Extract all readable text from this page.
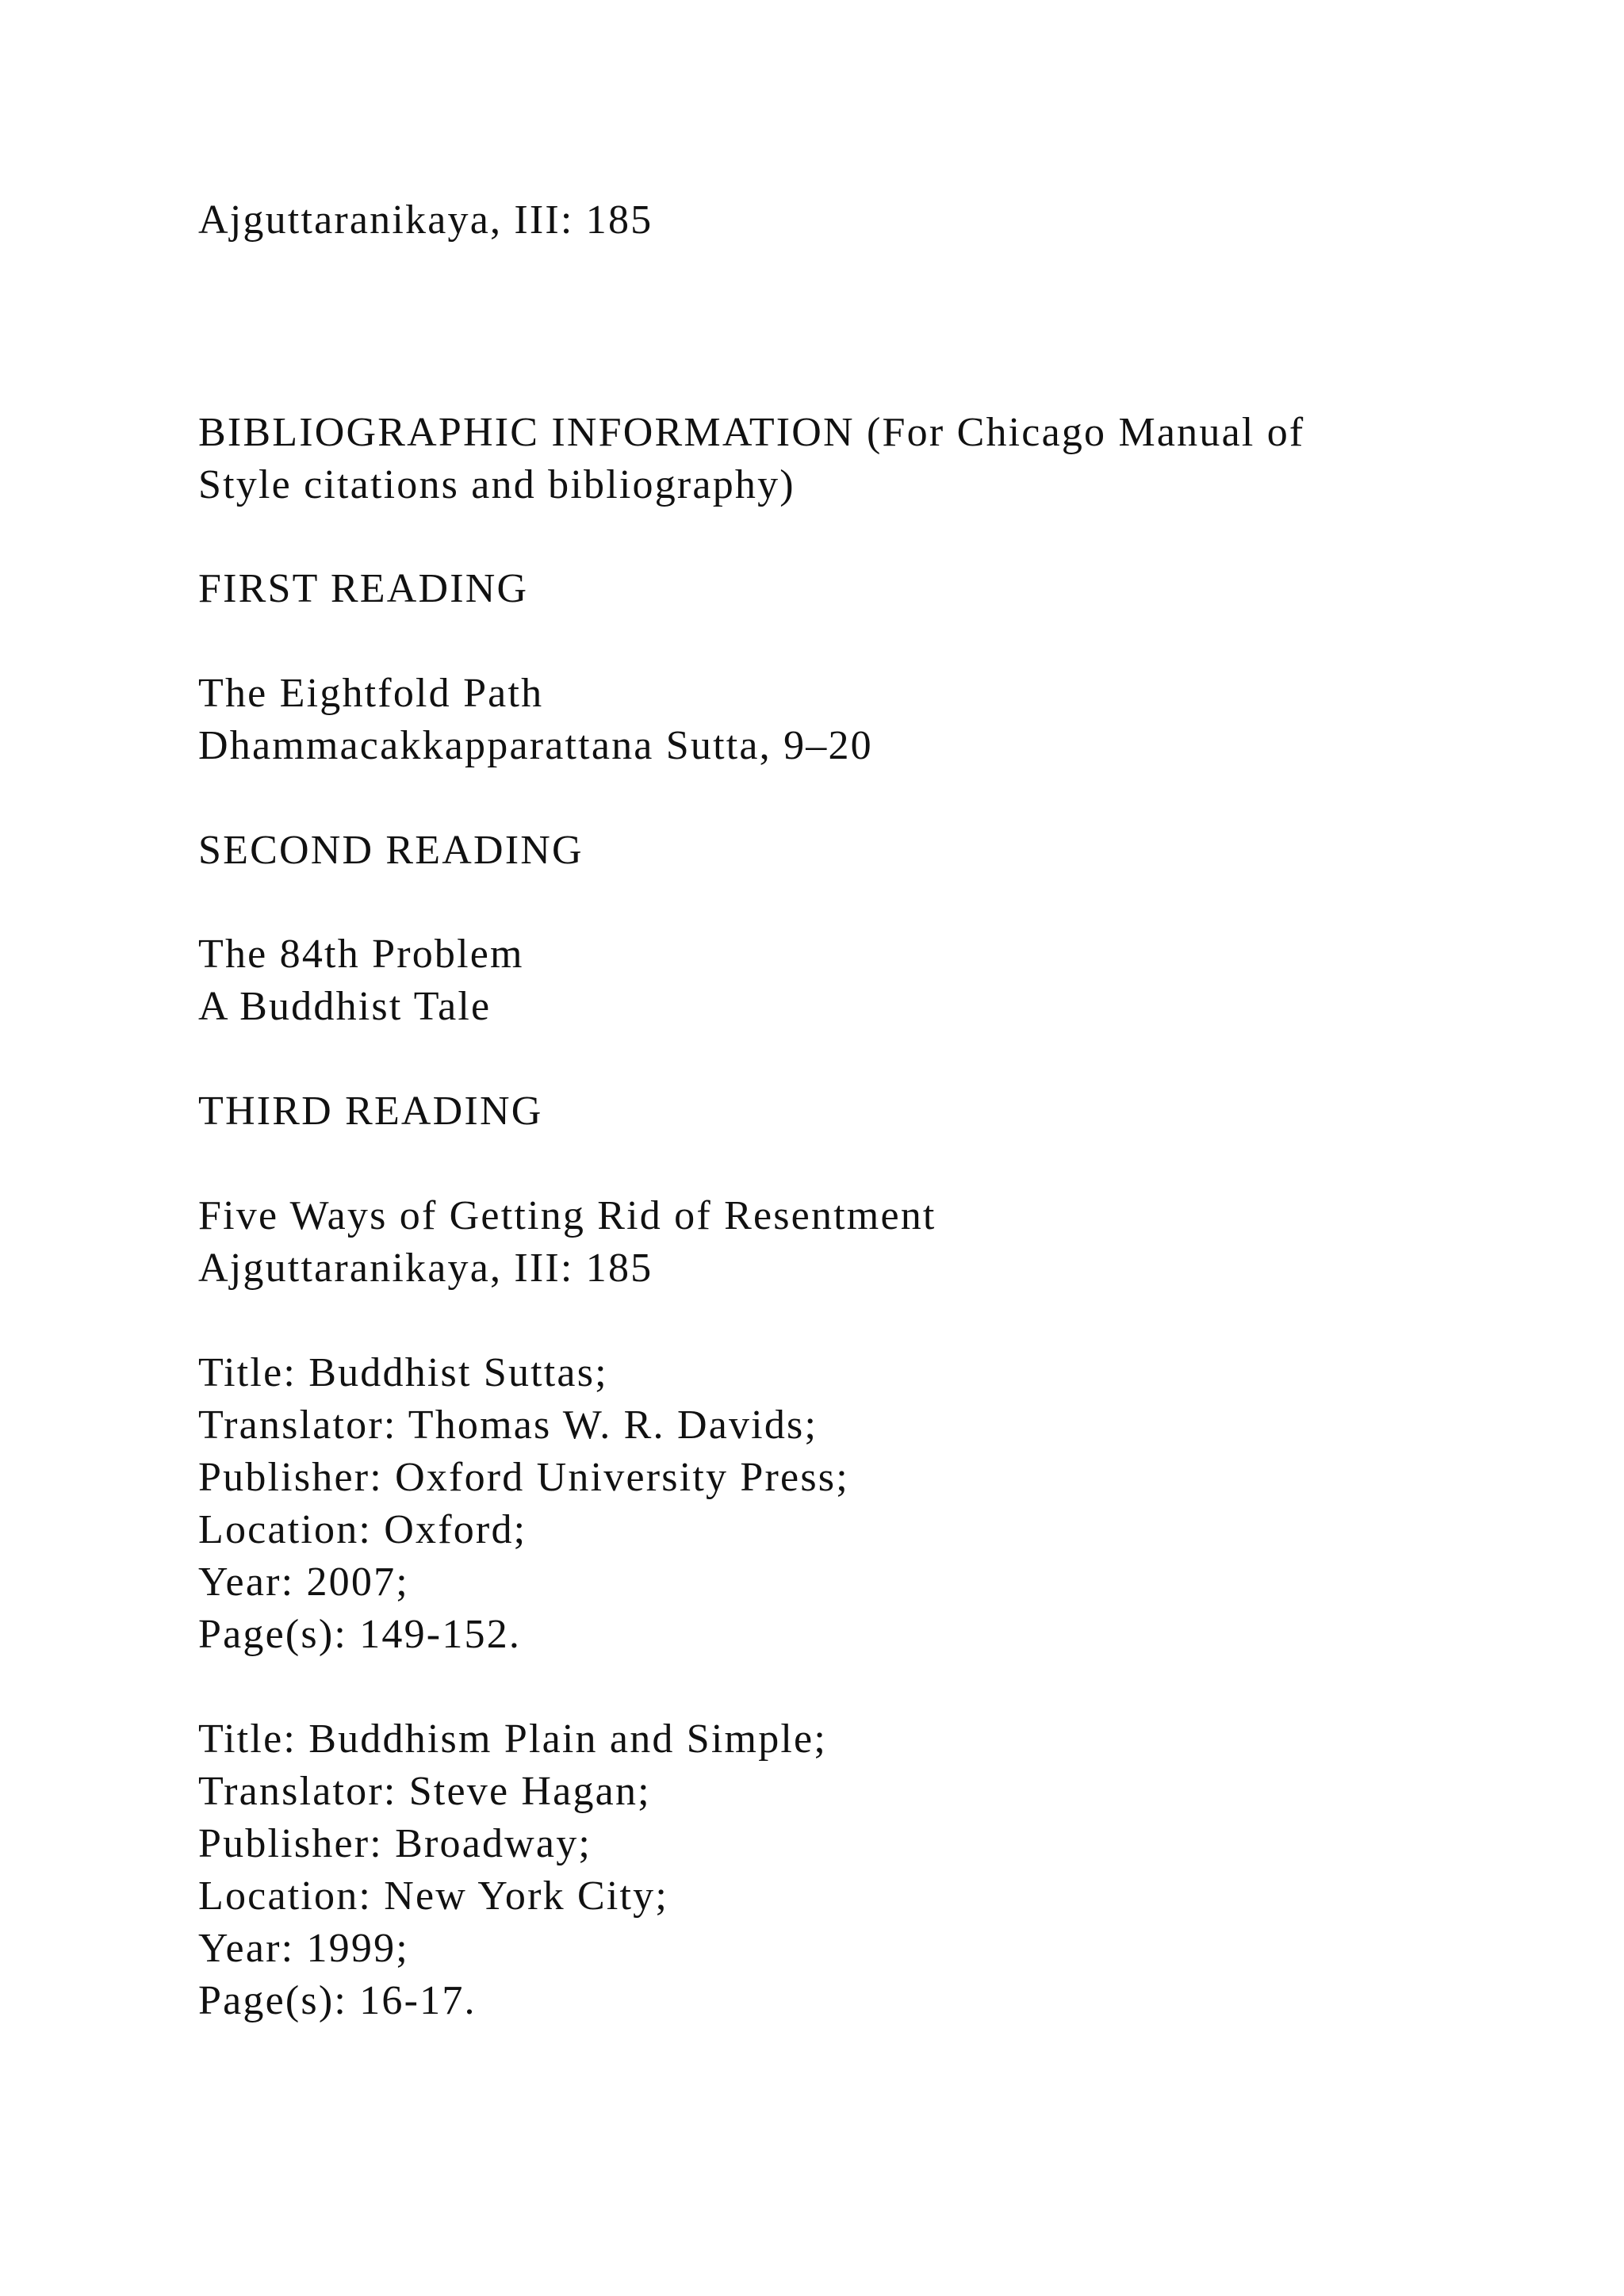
Ajguttaranikaya, III: 185
BIBLIOGRAPHIC INFORMATION (For Chicago Manual of
Style citations and bibliography)
FIRST READING
The Eightfold Path
Dhammacakkapparattana Sutta, 9–20
SECOND READING
The 84th Problem
A Buddhist Tale
THIRD READING
Five Ways of Getting Rid of Resentment
Ajguttaranikaya, III: 185
Title: Buddhist Suttas;
Translator: Thomas W. R. Davids;
Publisher: Oxford University Press;
Location: Oxford;
Year: 2007;
Page(s): 149-152.
Title: Buddhism Plain and Simple;
Translator: Steve Hagan;
Publisher: Broadway;
Location: New York City;
Year: 1999;
Page(s): 16-17.
